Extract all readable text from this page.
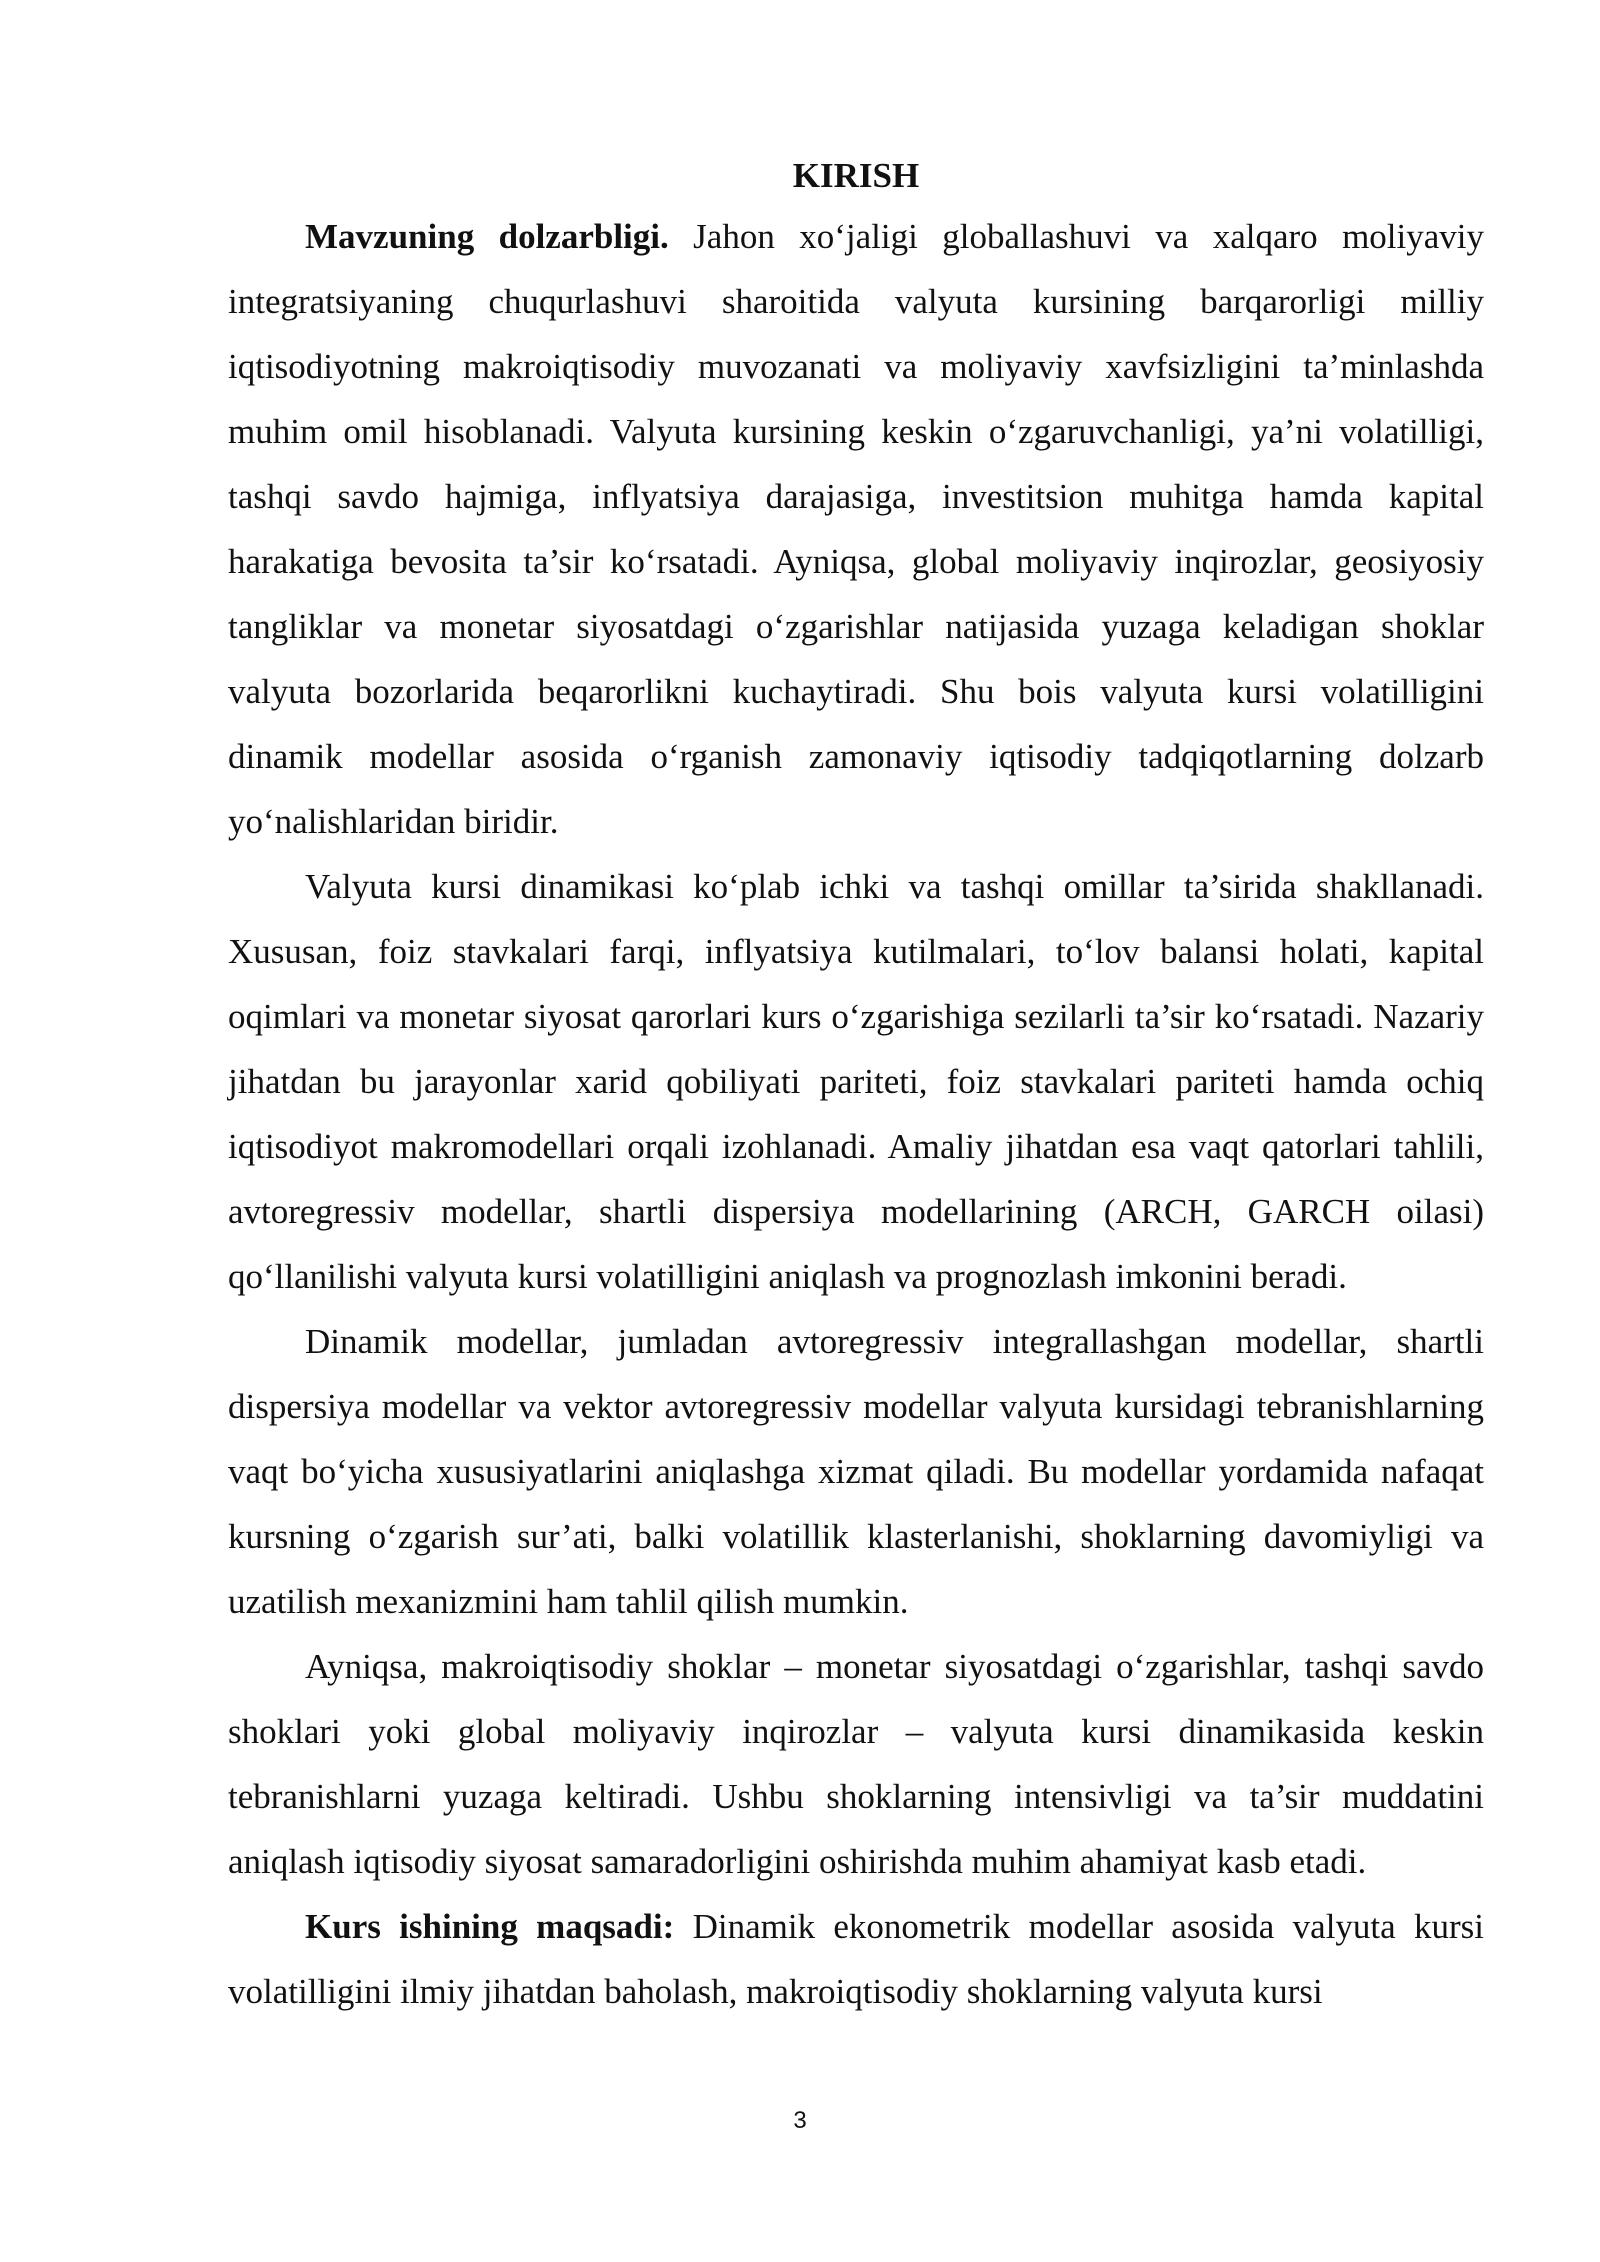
KIRISH

Mavzuning dolzarbligi. Jahon xo‘jaligi globallashuvi va xalqaro moliyaviy integratsiyaning chuqurlashuvi sharoitida valyuta kursining barqarorligi milliy iqtisodiyotning makroiqtisodiy muvozanati va moliyaviy xavfsizligini ta’minlashda muhim omil hisoblanadi. Valyuta kursining keskin o‘zgaruvchanligi, ya’ni volatilligi, tashqi savdo hajmiga, inflyatsiya darajasiga, investitsion muhitga hamda kapital harakatiga bevosita ta’sir ko‘rsatadi. Ayniqsa, global moliyaviy inqirozlar, geosiyosiy tangliklar va monetar siyosatdagi o‘zgarishlar natijasida yuzaga keladigan shoklar valyuta bozorlarida beqarorlikni kuchaytiradi. Shu bois valyuta kursi volatilligini dinamik modellar asosida o‘rganish zamonaviy iqtisodiy tadqiqotlarning dolzarb yo‘nalishlaridan biridir.

Valyuta kursi dinamikasi ko‘plab ichki va tashqi omillar ta’sirida shakllanadi. Xususan, foiz stavkalari farqi, inflyatsiya kutilmalari, to‘lov balansi holati, kapital oqimlari va monetar siyosat qarorlari kurs o‘zgarishiga sezilarli ta’sir ko‘rsatadi. Nazariy jihatdan bu jarayonlar xarid qobiliyati pariteti, foiz stavkalari pariteti hamda ochiq iqtisodiyot makromodellari orqali izohlanadi. Amaliy jihatdan esa vaqt qatorlari tahlili, avtoregressiv modellar, shartli dispersiya modellarining (ARCH, GARCH oilasi) qo‘llanilishi valyuta kursi volatilligini aniqlash va prognozlash imkonini beradi.

Dinamik modellar, jumladan avtoregressiv integrallashgan modellar, shartli dispersiya modellar va vektor avtoregressiv modellar valyuta kursidagi tebranishlarning vaqt bo‘yicha xususiyatlarini aniqlashga xizmat qiladi. Bu modellar yordamida nafaqat kursning o‘zgarish sur’ati, balki volatillik klasterlanishi, shoklarning davomiyligi va uzatilish mexanizmini ham tahlil qilish mumkin.

Ayniqsa, makroiqtisodiy shoklar – monetar siyosatdagi o‘zgarishlar, tashqi savdo shoklari yoki global moliyaviy inqirozlar – valyuta kursi dinamikasida keskin tebranishlarni yuzaga keltiradi. Ushbu shoklarning intensivligi va ta’sir muddatini aniqlash iqtisodiy siyosat samaradorligini oshirishda muhim ahamiyat kasb etadi.

Kurs ishining maqsadi: Dinamik ekonometrik modellar asosida valyuta kursi volatilligini ilmiy jihatdan baholash, makroiqtisodiy shoklarning valyuta kursi

3
